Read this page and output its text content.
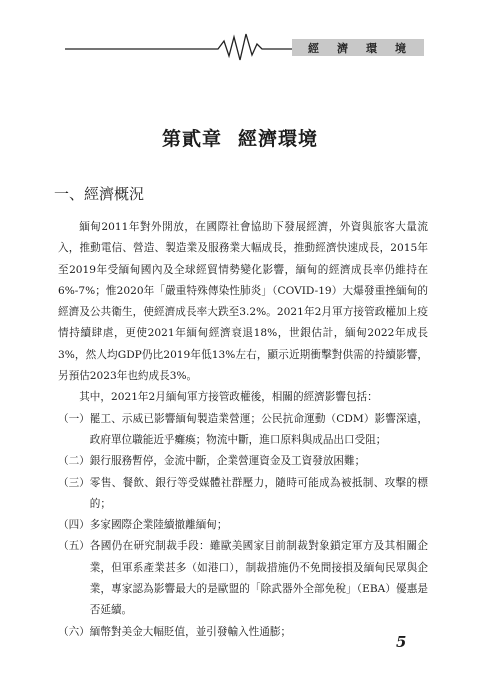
經 濟 環 境
第貳章 經濟環境
一、經濟概況

緬甸2011年對外開放，在國際社會協助下發展經濟，外資與旅客大量流入，推動電信、營造、製造業及服務業大幅成長，推動經濟快速成長，2015年至2019年受緬甸國內及全球經貿情勢變化影響，緬甸的經濟成長率仍維持在6%-7%；惟2020年「嚴重特殊傳染性肺炎」（COVID-19）大爆發重挫緬甸的經濟及公共衛生，使經濟成長率大跌至3.2%。2021年2月軍方接管政權加上疫情持續肆虐，更使2021年緬甸經濟衰退18%，世銀估計，緬甸2022年成長3%，然人均GDP仍比2019年低13%左右，顯示近期衝擊對供需的持續影響，另預估2023年也約成長3%。

其中，2021年2月緬甸軍方接管政權後，相關的經濟影響包括：

（一） 罷工、示威已影響緬甸製造業營運；公民抗命運動（CDM）影響深遠，政府單位職能近乎癱瘓；物流中斷，進口原料與成品出口受阻；
（二） 銀行服務暫停，金流中斷，企業營運資金及工資發放困難；
（三） 零售、餐飲、銀行等受媒體社群壓力，隨時可能成為被抵制、攻擊的標的；
（四） 多家國際企業陸續撤離緬甸；
（五） 各國仍在研究制裁手段：雖歐美國家目前制裁對象鎖定軍方及其相關企業，但軍系產業甚多（如港口），制裁措施仍不免間接損及緬甸民眾與企業，專家認為影響最大的是歐盟的「除武器外全部免稅」（EBA）優惠是否延續。
（六） 緬幣對美金大幅貶值，並引發輸入性通膨；
5
